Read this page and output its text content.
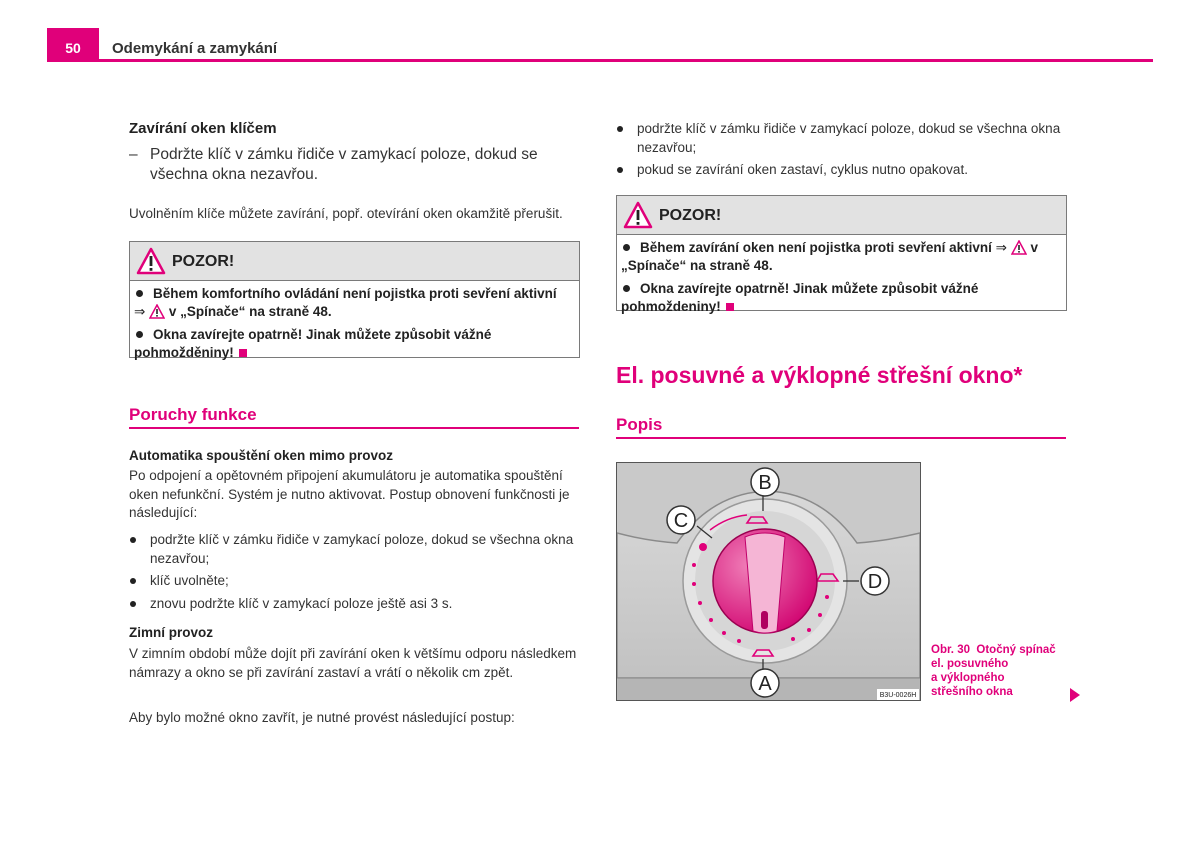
50	Odemykání a zamykání
Zavírání oken klíčem
– Podržte klíč v zámku řidiče v zamykací poloze, dokud se všechna okna nezavřou.
Uvolněním klíče můžete zavírání, popř. otevírání oken okamžitě přerušit.
POZOR!

Během komfortního ovládání není pojistka proti sevření aktivní
⇒ v „Spínače“ na straně 48.

Okna zavírejte opatrně! Jinak můžete způsobit vážné pohmožděniny!

Poruchy funkce
Automatika spouštění oken mimo provoz
Po odpojení a opětovném připojení akumulátoru je automatika spouštění oken nefunkční. Systém je nutno aktivovat. Postup obnovení funkčnosti je následující:
podržte klíč v zámku řidiče v zamykací poloze, dokud se všechna okna nezavřou;
klíč uvolněte;
znovu podržte klíč v zamykací poloze ještě asi 3 s.
Zimní provoz
V zimním období může dojít při zavírání oken k většímu odporu následkem námrazy a okno se při zavírání zastaví a vrátí o několik cm zpět.
Aby bylo možné okno zavřít, je nutné provést následující postup:
podržte klíč v zámku řidiče v zamykací poloze, dokud se všechna okna nezavřou;
pokud se zavírání oken zastaví, cyklus nutno opakovat.
POZOR!

Během zavírání oken není pojistka proti sevření aktivní ⇒ v „Spínače“ na straně 48.

Okna zavírejte opatrně! Jinak můžete způsobit vážné pohmoždeniny!

El. posuvné a výklopné střešní okno*
Popis
B
C
D
A
B3U-0026H
Obr. 30 Otočný spínač
el. posuvného
a výklopného
střešního okna
